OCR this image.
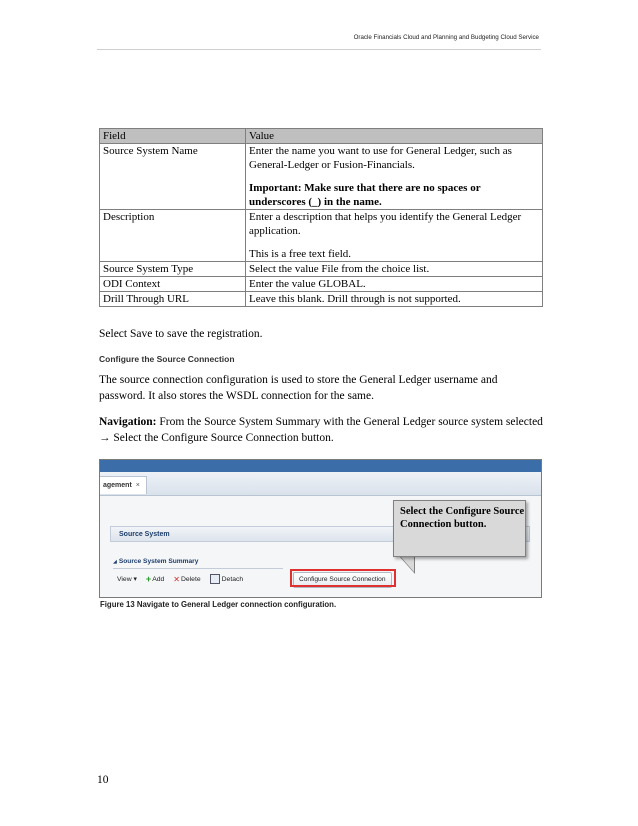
Oracle Financials Cloud and Planning and Budgeting Cloud Service
Field	Value
Source System Name	Enter the name you want to use for General Ledger, such as General-Ledger or Fusion-Financials.

Important: Make sure that there are no spaces or underscores (_) in the name.

Description	Enter a description that helps you identify the General Ledger application.

This is a free text field.

Source System Type	Select the value File from the choice list.
ODI Context	Enter the value GLOBAL.
Drill Through URL	Leave this blank. Drill through is not supported.

Select Save to save the registration.

Configure the Source Connection

The source connection configuration is used to store the General Ledger username and password. It also stores the WSDL connection for the same.

Navigation: From the Source System Summary with the General Ledger source system selected → Select the Configure Source Connection button.

agement ×
Source System
◢ Source System Summary
View ▾ + Add ✕ Delete	Detach	Configure Source Connection
Select the Configure Source Connection button.
Figure 13 Navigate to General Ledger connection configuration.
10
